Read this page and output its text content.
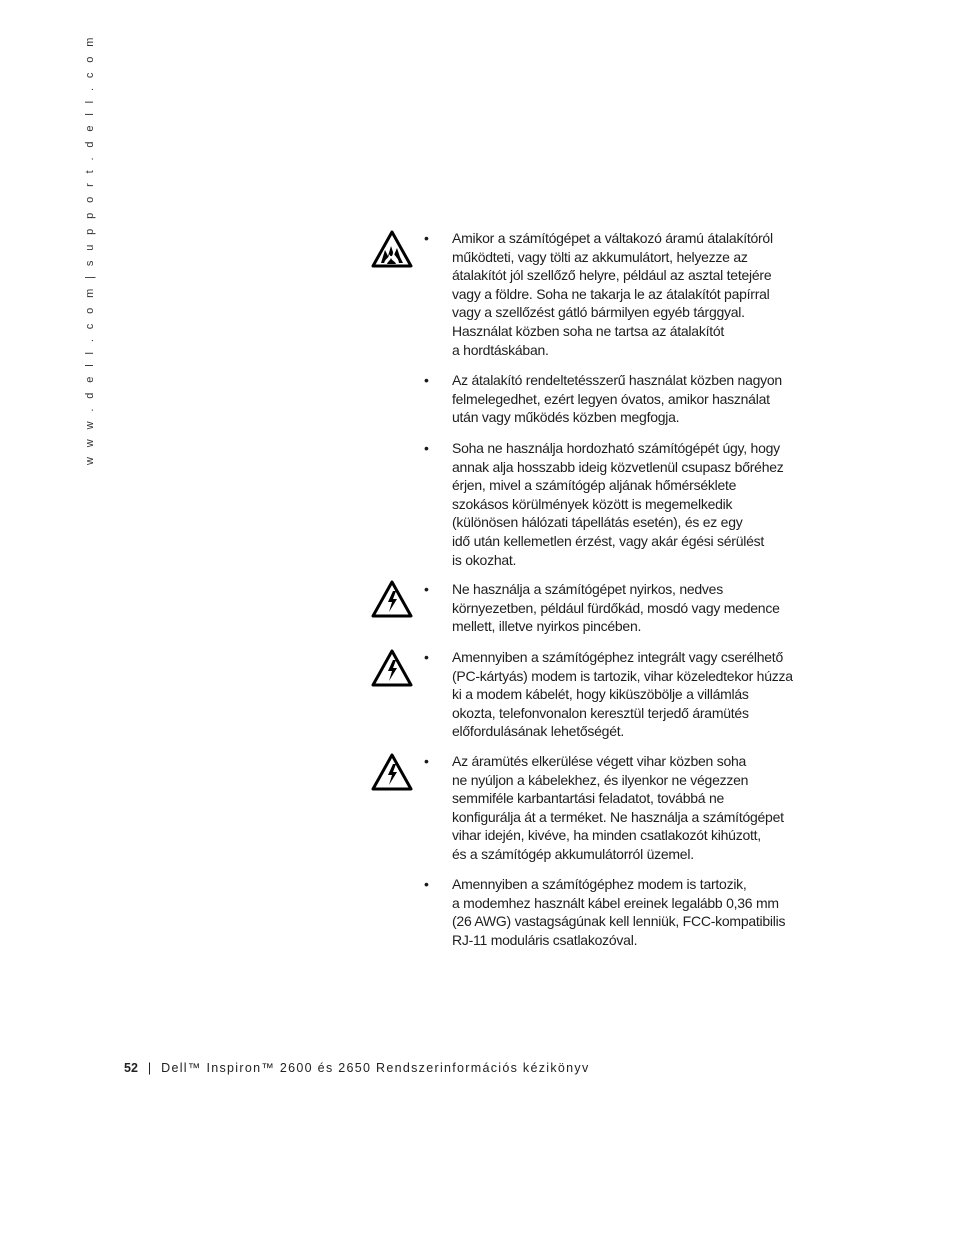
w w w . d e l l . c o m | s u p p o r t . d e l l . c o m	• Amikor a számítógépet a váltakozó áramú átalakítóról
működteti, vagy tölti az akkumulátort, helyezze az
átalakítót jól szellőző helyre, például az asztal tetejére
vagy a földre. Soha ne takarja le az átalakítót papírral
vagy a szellőzést gátló bármilyen egyéb tárggyal.
Használat közben soha ne tartsa az átalakítót
a hordtáskában.
• Az átalakító rendeltetésszerű használat közben nagyon
felmelegedhet, ezért legyen óvatos, amikor használat
után vagy működés közben megfogja.
• Soha ne használja hordozható számítógépét úgy, hogy
annak alja hosszabb ideig közvetlenül csupasz bőréhez
érjen, mivel a számítógép aljának hőmérséklete
szokásos körülmények között is megemelkedik
(különösen hálózati tápellátás esetén), és ez egy
idő után kellemetlen érzést, vagy akár égési sérülést
is okozhat.
• Ne használja a számítógépet nyirkos, nedves
környezetben, például fürdőkád, mosdó vagy medence
mellett, illetve nyirkos pincében.
• Amennyiben a számítógéphez integrált vagy cserélhető
(PC-kártyás) modem is tartozik, vihar közeledtekor húzza
ki a modem kábelét, hogy kiküszöbölje a villámlás
okozta, telefonvonalon keresztül terjedő áramütés
előfordulásának lehetőségét.
• Az áramütés elkerülése végett vihar közben soha
ne nyúljon a kábelekhez, és ilyenkor ne végezzen
semmiféle karbantartási feladatot, továbbá ne
konfigurálja át a terméket. Ne használja a számítógépet
vihar idején, kivéve, ha minden csatlakozót kihúzott,
és a számítógép akkumulátorról üzemel.
• Amennyiben a számítógéphez modem is tartozik,
a modemhez használt kábel ereinek legalább 0,36 mm
(26 AWG) vastagságúnak kell lenniük, FCC-kompatibilis
RJ-11 moduláris csatlakozóval.
52 | Dell™ Inspiron™ 2600 és 2650 Rendszerinformációs kézikönyv
